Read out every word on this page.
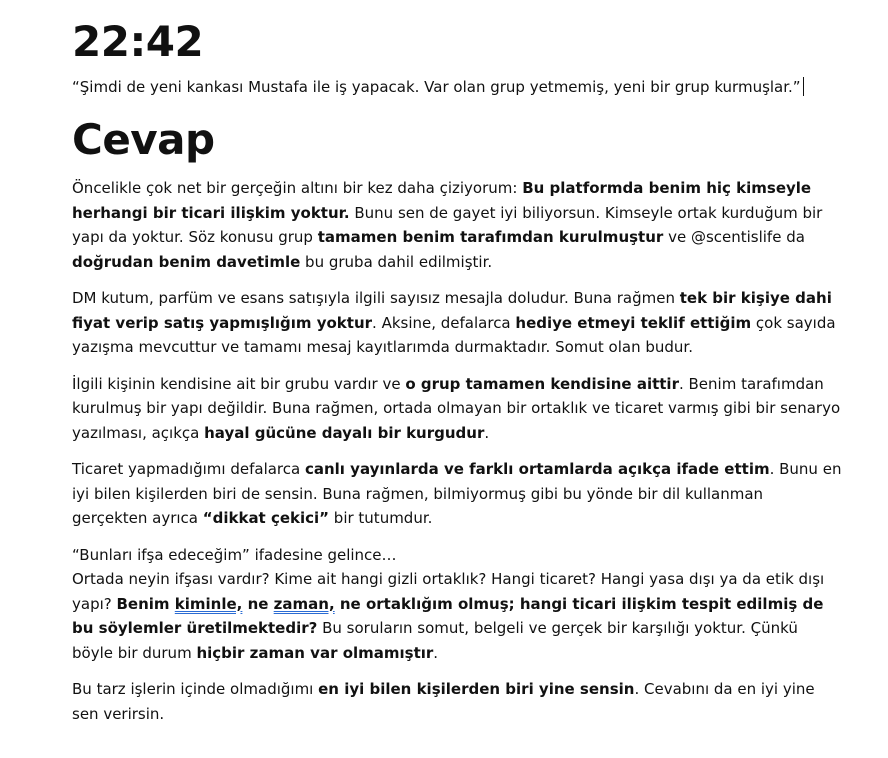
22:42

“Şimdi de yeni kankası Mustafa ile iş yapacak. Var olan grup yetmemiş, yeni bir grup kurmuşlar.”

Cevap

Öncelikle çok net bir gerçeğin altını bir kez daha çiziyorum: Bu platformda benim hiç kimseyle herhangi bir ticari ilişkim yoktur. Bunu sen de gayet iyi biliyorsun. Kimseyle ortak kurduğum bir yapı da yoktur. Söz konusu grup tamamen benim tarafımdan kurulmuştur ve @scentislife da doğrudan benim davetimle bu gruba dahil edilmiştir.

DM kutum, parfüm ve esans satışıyla ilgili sayısız mesajla doludur. Buna rağmen tek bir kişiye dahi fiyat verip satış yapmışlığım yoktur. Aksine, defalarca hediye etmeyi teklif ettiğim çok sayıda yazışma mevcuttur ve tamamı mesaj kayıtlarımda durmaktadır. Somut olan budur.

İlgili kişinin kendisine ait bir grubu vardır ve o grup tamamen kendisine aittir. Benim tarafımdan kurulmuş bir yapı değildir. Buna rağmen, ortada olmayan bir ortaklık ve ticaret varmış gibi bir senaryo yazılması, açıkça hayal gücüne dayalı bir kurgudur.

Ticaret yapmadığımı defalarca canlı yayınlarda ve farklı ortamlarda açıkça ifade ettim. Bunu en iyi bilen kişilerden biri de sensin. Buna rağmen, bilmiyormuş gibi bu yönde bir dil kullanman gerçekten ayrıca “dikkat çekici” bir tutumdur.

“Bunları ifşa edeceğim” ifadesine gelince…
Ortada neyin ifşası vardır? Kime ait hangi gizli ortaklık? Hangi ticaret? Hangi yasa dışı ya da etik dışı yapı? Benim kiminle, ne zaman, ne ortaklığım olmuş; hangi ticari ilişkim tespit edilmiş de bu söylemler üretilmektedir? Bu soruların somut, belgeli ve gerçek bir karşılığı yoktur. Çünkü böyle bir durum hiçbir zaman var olmamıştır.

Bu tarz işlerin içinde olmadığımı en iyi bilen kişilerden biri yine sensin. Cevabını da en iyi yine sen verirsin.
